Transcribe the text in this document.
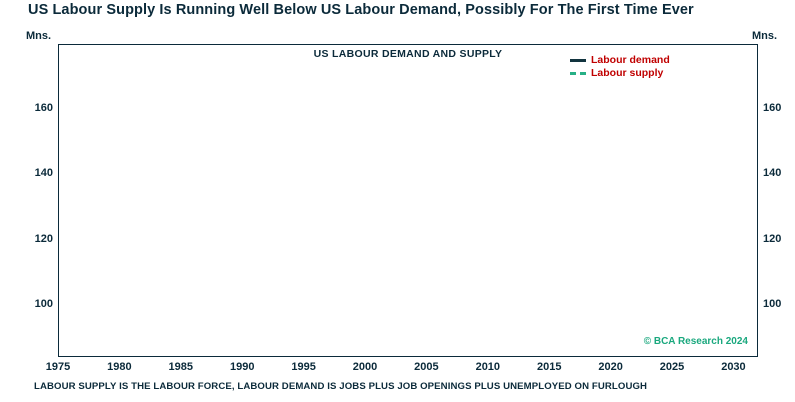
US Labour Supply Is Running Well Below US Labour Demand, Possibly For The First Time Ever
Mns.	Mns.
US LABOUR DEMAND AND SUPPLY	Labour demand
Labour supply
© BCA Research 2024
100	100
120	120
140	140
160	160
1975	1980	1985	1990	1995	2000	2005	2010	2015	2020	2025	2030
LABOUR SUPPLY IS THE LABOUR FORCE, LABOUR DEMAND IS JOBS PLUS JOB OPENINGS PLUS UNEMPLOYED ON FURLOUGH
